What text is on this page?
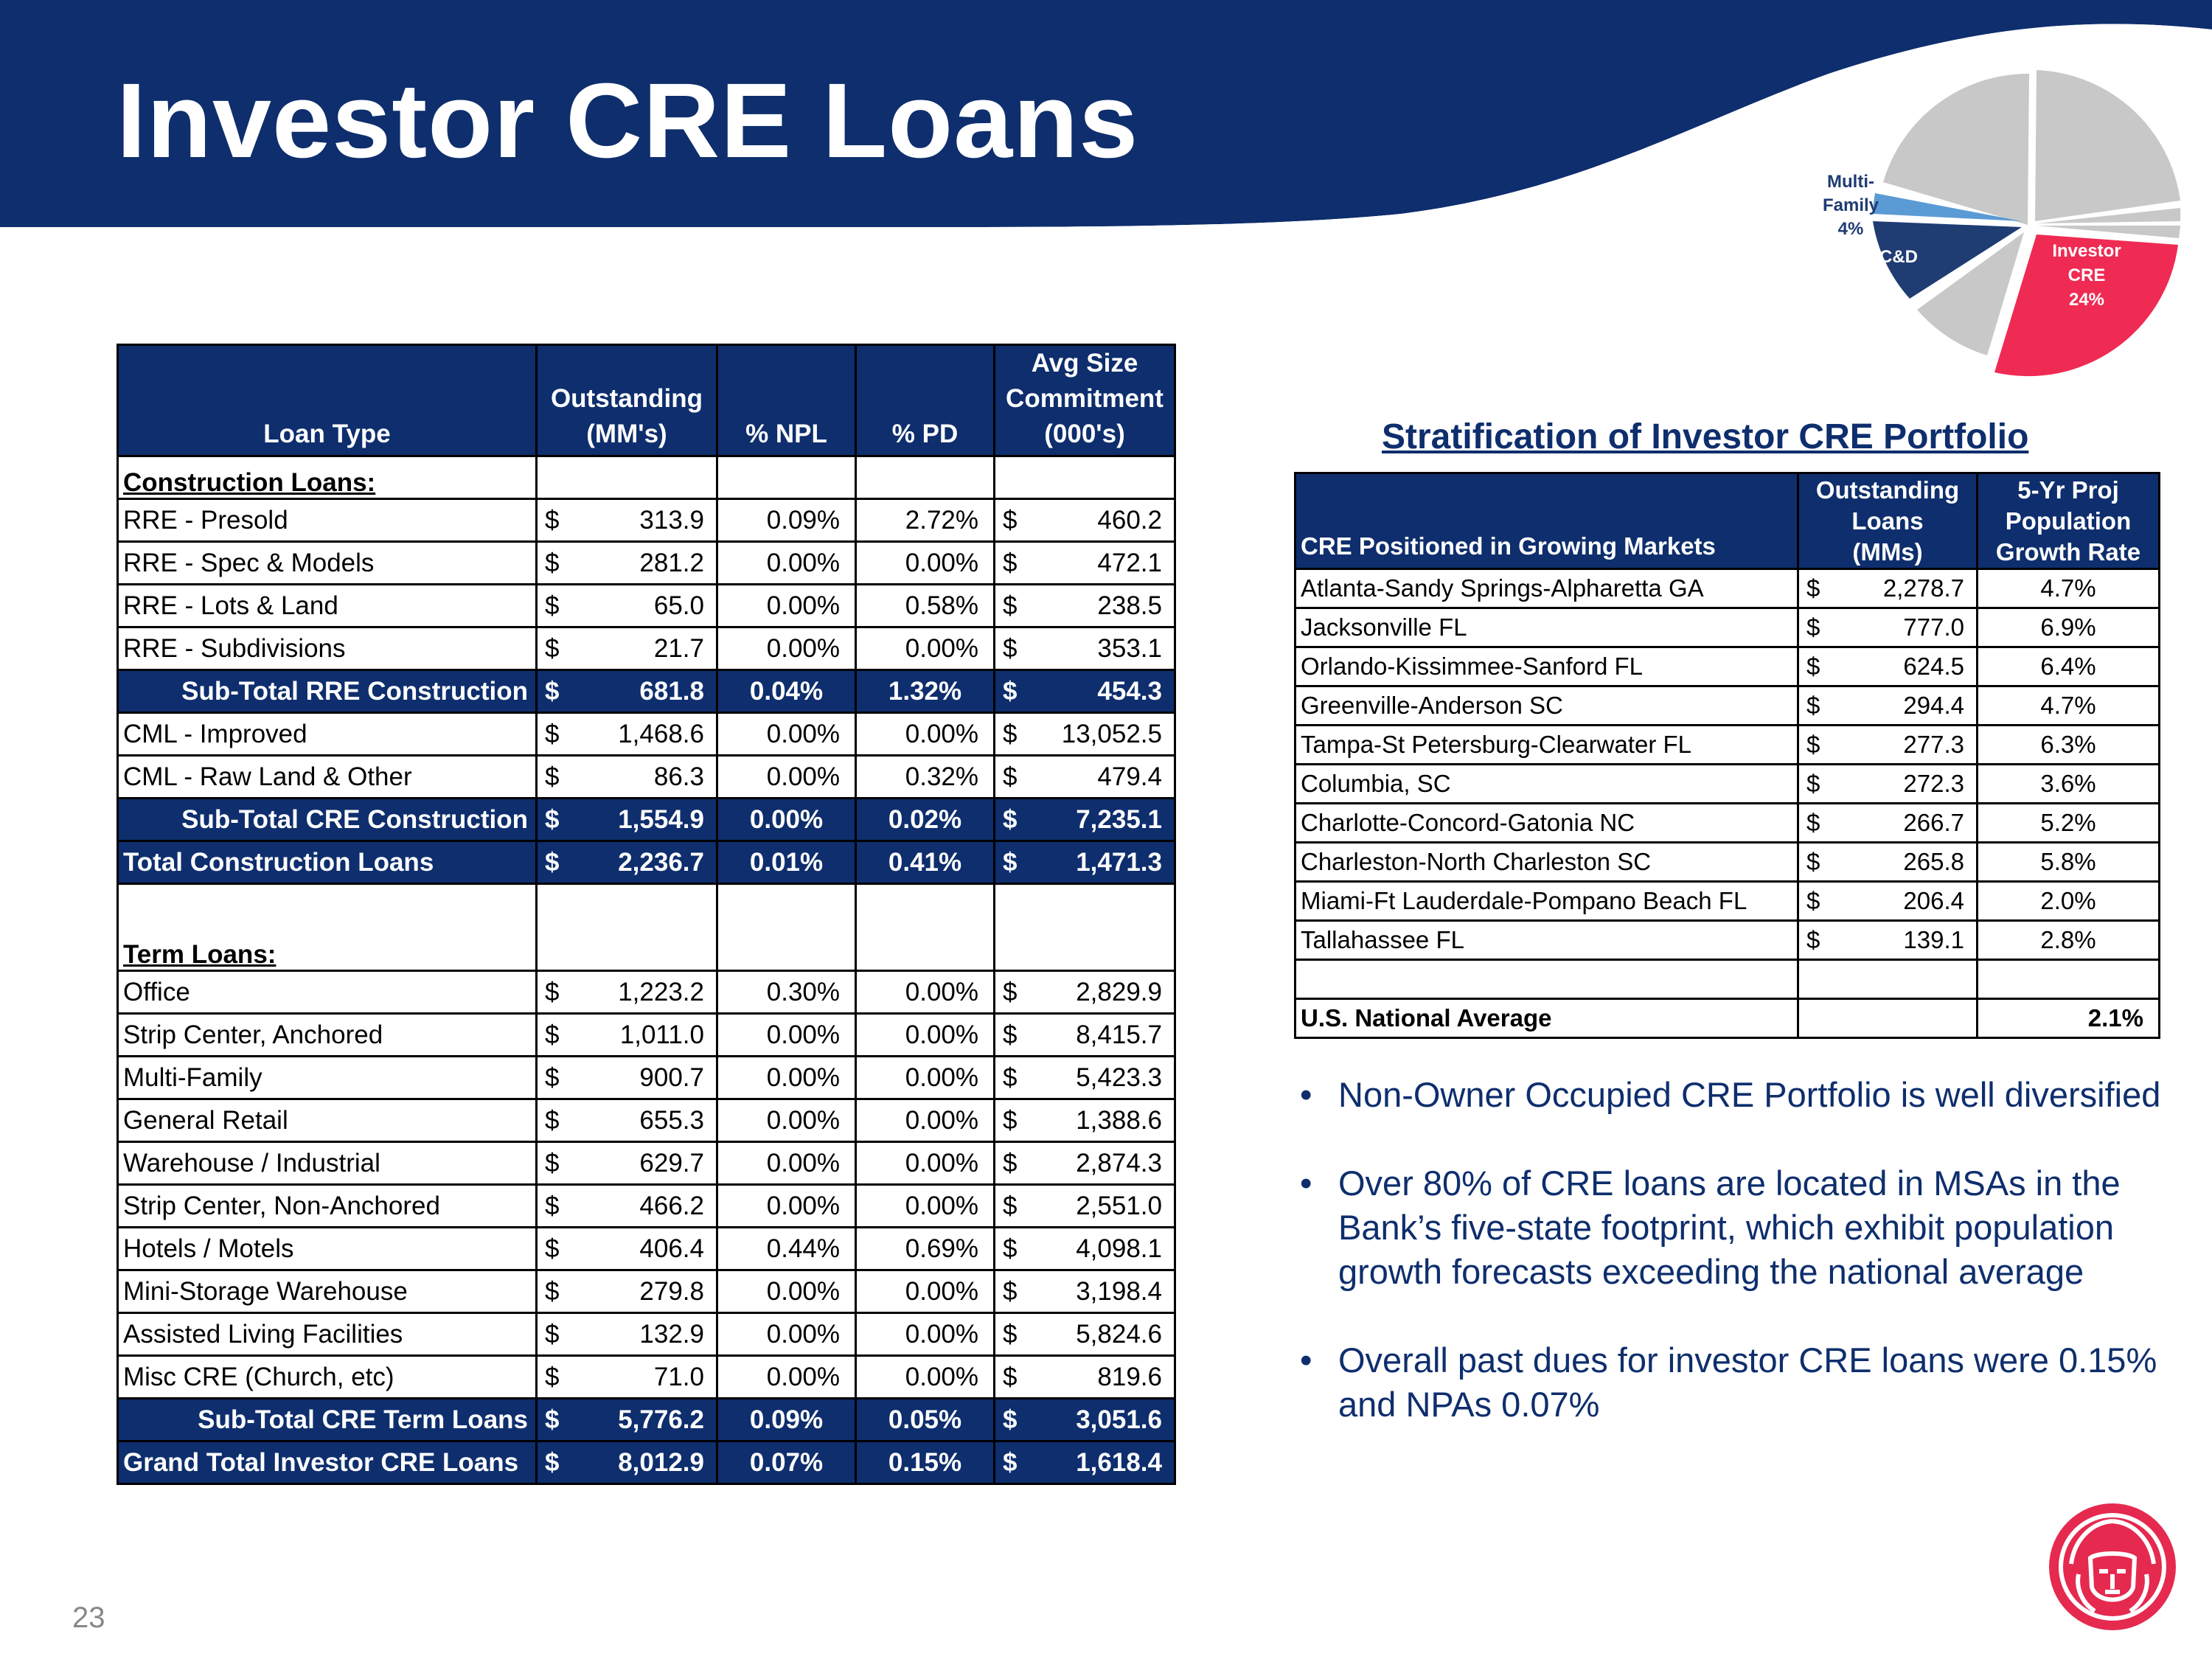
Investor CRE Loans
Multi-
Family
4%
C&D	Investor
CRE
24%
Loan Type	Outstanding
(MM's)	% NPL	% PD	Avg Size
Commitment
(000's)
Construction Loans:				
RRE - Presold	$ 313.9	0.09%	2.72%	$ 460.2

RRE - Spec & Models	$ 281.2	0.00%	0.00%	$ 472.1

RRE - Lots & Land	$ 65.0	0.00%	0.58%	$ 238.5

RRE - Subdivisions	$ 21.7	0.00%	0.00%	$ 353.1

Sub-Total RRE Construction	$ 681.8	0.04%	1.32%	$ 454.3

CML - Improved	$ 1,468.6	0.00%	0.00%	$ 13,052.5

CML - Raw Land & Other	$ 86.3	0.00%	0.32%	$ 479.4

Sub-Total CRE Construction	$ 1,554.9	0.00%	0.02%	$ 7,235.1

Total Construction Loans	$ 2,236.7	0.01%	0.41%	$ 1,471.3

Term Loans:				
Office	$ 1,223.2	0.30%	0.00%	$ 2,829.9

Strip Center, Anchored	$ 1,011.0	0.00%	0.00%	$ 8,415.7

Multi-Family	$ 900.7	0.00%	0.00%	$ 5,423.3

General Retail	$ 655.3	0.00%	0.00%	$ 1,388.6

Warehouse / Industrial	$ 629.7	0.00%	0.00%	$ 2,874.3

Strip Center, Non-Anchored	$ 466.2	0.00%	0.00%	$ 2,551.0

Hotels / Motels	$ 406.4	0.44%	0.69%	$ 4,098.1

Mini-Storage Warehouse	$ 279.8	0.00%	0.00%	$ 3,198.4

Assisted Living Facilities	$ 132.9	0.00%	0.00%	$ 5,824.6

Misc CRE (Church, etc)	$ 71.0	0.00%	0.00%	$ 819.6

Sub-Total CRE Term Loans	$ 5,776.2	0.09%	0.05%	$ 3,051.6

Grand Total Investor CRE Loans	$ 8,012.9	0.07%	0.15%	$ 1,618.4
Stratification of Investor CRE Portfolio
CRE Positioned in Growing Markets	Outstanding
Loans
(MMs)	5-Yr Proj
Population
Growth Rate
Atlanta-Sandy Springs-Alpharetta GA	$ 2,278.7	4.7%
Jacksonville FL	$ 777.0	6.9%
Orlando-Kissimmee-Sanford FL	$ 624.5	6.4%
Greenville-Anderson SC	$ 294.4	4.7%
Tampa-St Petersburg-Clearwater FL	$ 277.3	6.3%
Columbia, SC	$ 272.3	3.6%
Charlotte-Concord-Gatonia NC	$ 266.7	5.2%
Charleston-North Charleston SC	$ 265.8	5.8%
Miami-Ft Lauderdale-Pompano Beach FL	$ 206.4	2.0%
Tallahassee FL	$ 139.1	2.8%

U.S. National Average		2.1%
• Non-Owner Occupied CRE Portfolio is well diversified
• Over 80% of CRE loans are located in MSAs in the Bank’s five-state footprint, which exhibit population growth forecasts exceeding the national average
• Overall past dues for investor CRE loans were 0.15% and NPAs 0.07%
23
